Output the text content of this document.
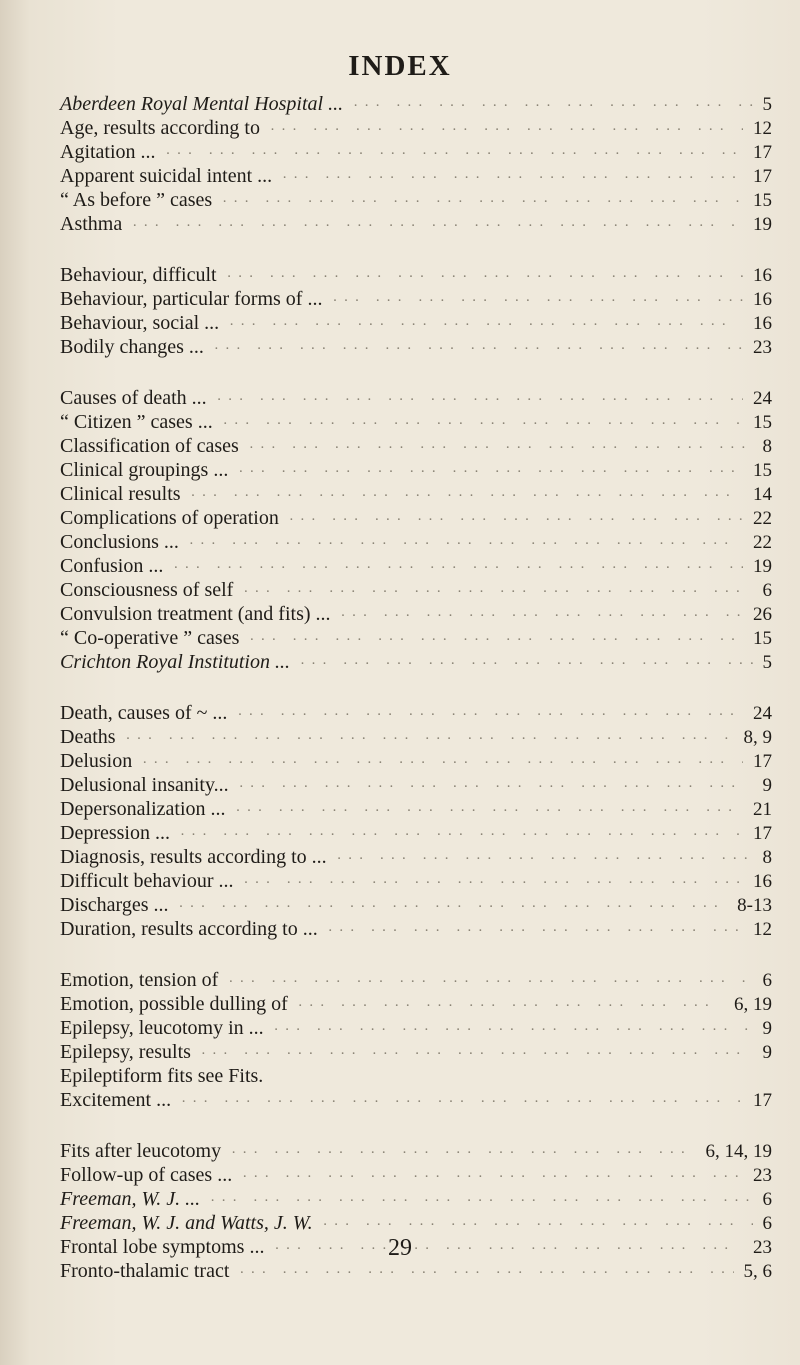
INDEX
Aberdeen Royal Mental Hospital ... ··· ·	5
Age, results according to ··· ·	12
Agitation ... ··· ·	17
Apparent suicidal intent ... ··· ·	17
“ As before ” cases ··· ·	15
Asthma ··· ·	19
Behaviour, difficult ··· ·	16
Behaviour, particular forms of ... ··· ·	16
Behaviour, social ... ··· ·	16
Bodily changes ... ··· ·	23
Causes of death ... ··· ·	24
“ Citizen ” cases ... ··· ·	15
Classification of cases ··· ·	8
Clinical groupings ... ··· ·	15
Clinical results ··· ·	14
Complications of operation ··· ·	22
Conclusions ... ··· ·	22
Confusion ... ··· ·	19
Consciousness of self ··· ·	6
Convulsion treatment (and fits) ... ··· ·	26
“ Co-operative ” cases ··· ·	15
Crichton Royal Institution ... ··· ·	5
Death, causes of ~ ... ··· ·	24
Deaths ··· ·	8, 9
Delusion ··· ·	17
Delusional insanity... ··· ·	9
Depersonalization ... ··· ·	21
Depression ... ··· ·	17
Diagnosis, results according to ... ··· ·	8
Difficult behaviour ... ··· ·	16
Discharges ... ··· ·	8-13
Duration, results according to ... ··· ·	12
Emotion, tension of ··· ·	6
Emotion, possible dulling of ··· ·	6, 19
Epilepsy, leucotomy in ... ··· ·	9
Epilepsy, results ··· ·	9
Epileptiform fits see Fits.
Excitement ... ··· ·	17
Fits after leucotomy ··· ·	6, 14, 19
Follow-up of cases ... ··· ·	23
Freeman, W. J. ... ··· ·	6
Freeman, W. J. and Watts, J. W. ··· ·	6
Frontal lobe symptoms ... ··· ·	23
Fronto-thalamic tract ··· ·	5, 6
29
